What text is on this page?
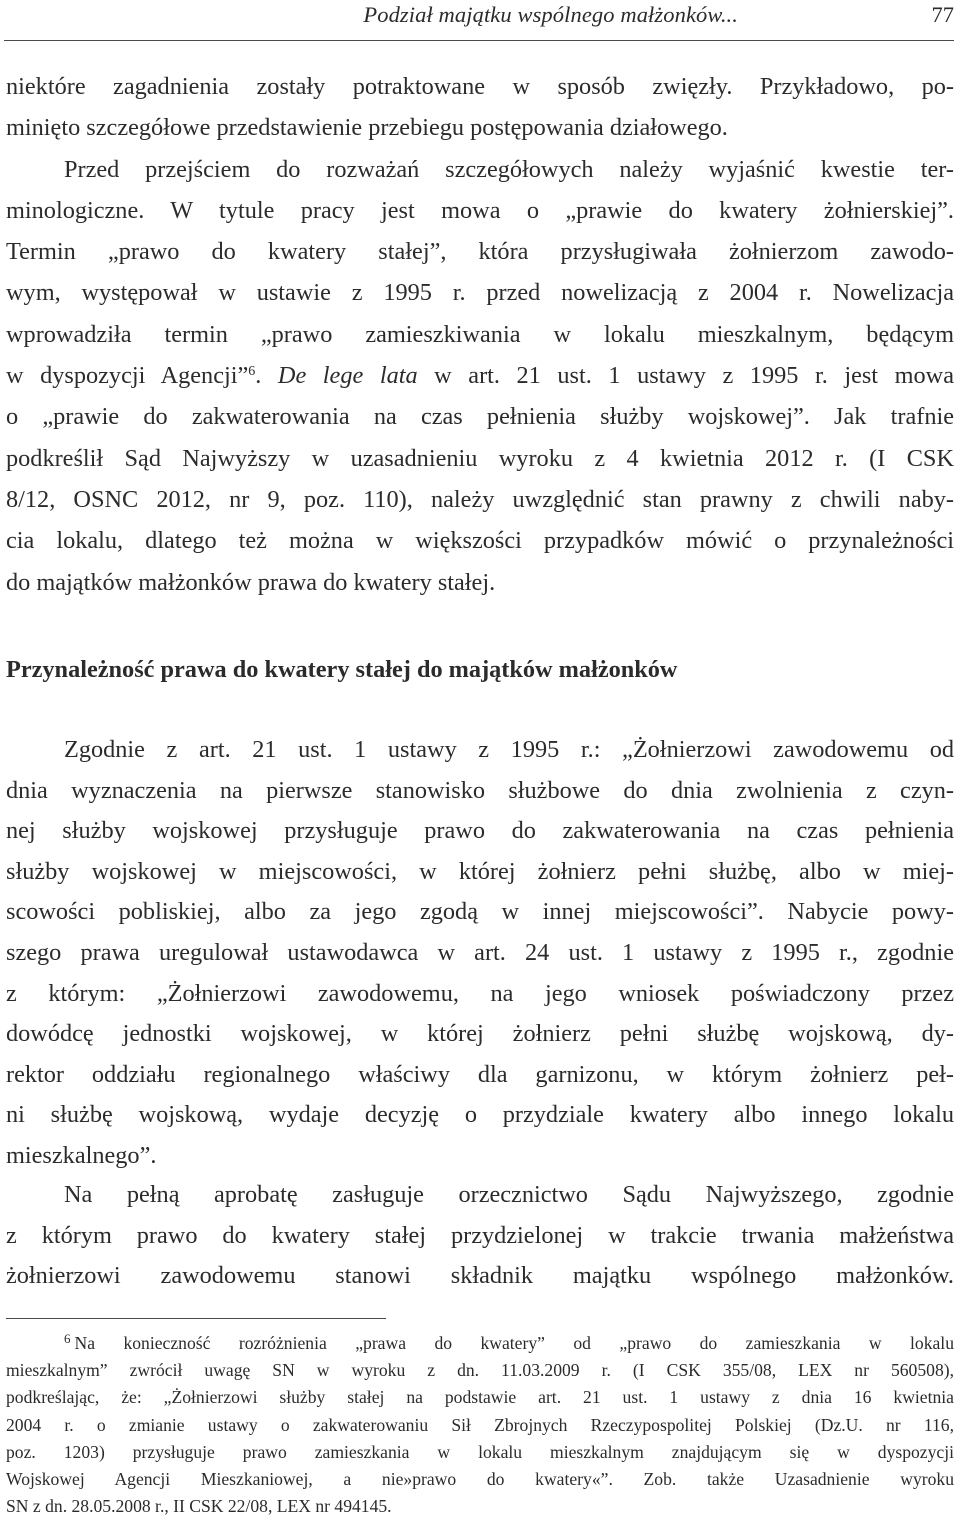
Podział majątku wspólnego małżonków...	77
niektóre zagadnienia zostały potraktowane w sposób zwięzły. Przykładowo, po-
minięto szczegółowe przedstawienie przebiegu postępowania działowego.
Przed przejściem do rozważań szczegółowych należy wyjaśnić kwestie ter-
minologiczne. W tytule pracy jest mowa o „prawie do kwatery żołnierskiej”.
Termin „prawo do kwatery stałej”, która przysługiwała żołnierzom zawodo-
wym, występował w ustawie z 1995 r. przed nowelizacją z 2004 r. Nowelizacja
wprowadziła termin „prawo zamieszkiwania w lokalu mieszkalnym, będącym
w dyspozycji Agencji”$^6$. De lege lata w art. 21 ust. 1 ustawy z 1995 r. jest mowa
o „prawie do zakwaterowania na czas pełnienia służby wojskowej”. Jak trafnie
podkreślił Sąd Najwyższy w uzasadnieniu wyroku z 4 kwietnia 2012 r. (I CSK
8/12, OSNC 2012, nr 9, poz. 110), należy uwzględnić stan prawny z chwili naby-
cia lokalu, dlatego też można w większości przypadków mówić o przynależności
do majątków małżonków prawa do kwatery stałej.
Przynależność prawa do kwatery stałej do majątków małżonków
Zgodnie z art. 21 ust. 1 ustawy z 1995 r.: „Żołnierzowi zawodowemu od
dnia wyznaczenia na pierwsze stanowisko służbowe do dnia zwolnienia z czyn-
nej służby wojskowej przysługuje prawo do zakwaterowania na czas pełnienia
służby wojskowej w miejscowości, w której żołnierz pełni służbę, albo w miej-
scowości pobliskiej, albo za jego zgodą w innej miejscowości”. Nabycie powy-
szego prawa uregulował ustawodawca w art. 24 ust. 1 ustawy z 1995 r., zgodnie
z którym: „Żołnierzowi zawodowemu, na jego wniosek poświadczony przez
dowódcę jednostki wojskowej, w której żołnierz pełni służbę wojskową, dy-
rektor oddziału regionalnego właściwy dla garnizonu, w którym żołnierz peł-
ni służbę wojskową, wydaje decyzję o przydziale kwatery albo innego lokalu
mieszkalnego”.
Na pełną aprobatę zasługuje orzecznictwo Sądu Najwyższego, zgodnie
z którym prawo do kwatery stałej przydzielonej w trakcie trwania małżeństwa
żołnierzowi zawodowemu stanowi składnik majątku wspólnego małżonków.
$^6$ Na konieczność rozróżnienia „prawa do kwatery” od „prawo do zamieszkania w lokalu
mieszkalnym” zwrócił uwagę SN w wyroku z dn. 11.03.2009 r. (I CSK 355/08, LEX nr 560508),
podkreślając, że: „Żołnierzowi służby stałej na podstawie art. 21 ust. 1 ustawy z dnia 16 kwietnia
2004 r. o zmianie ustawy o zakwaterowaniu Sił Zbrojnych Rzeczypospolitej Polskiej (Dz.U. nr 116,
poz. 1203) przysługuje prawo zamieszkania w lokalu mieszkalnym znajdującym się w dyspozycji
Wojskowej Agencji Mieszkaniowej, a nie»prawo do kwatery«”. Zob. także Uzasadnienie wyroku
SN z dn. 28.05.2008 r., II CSK 22/08, LEX nr 494145.
